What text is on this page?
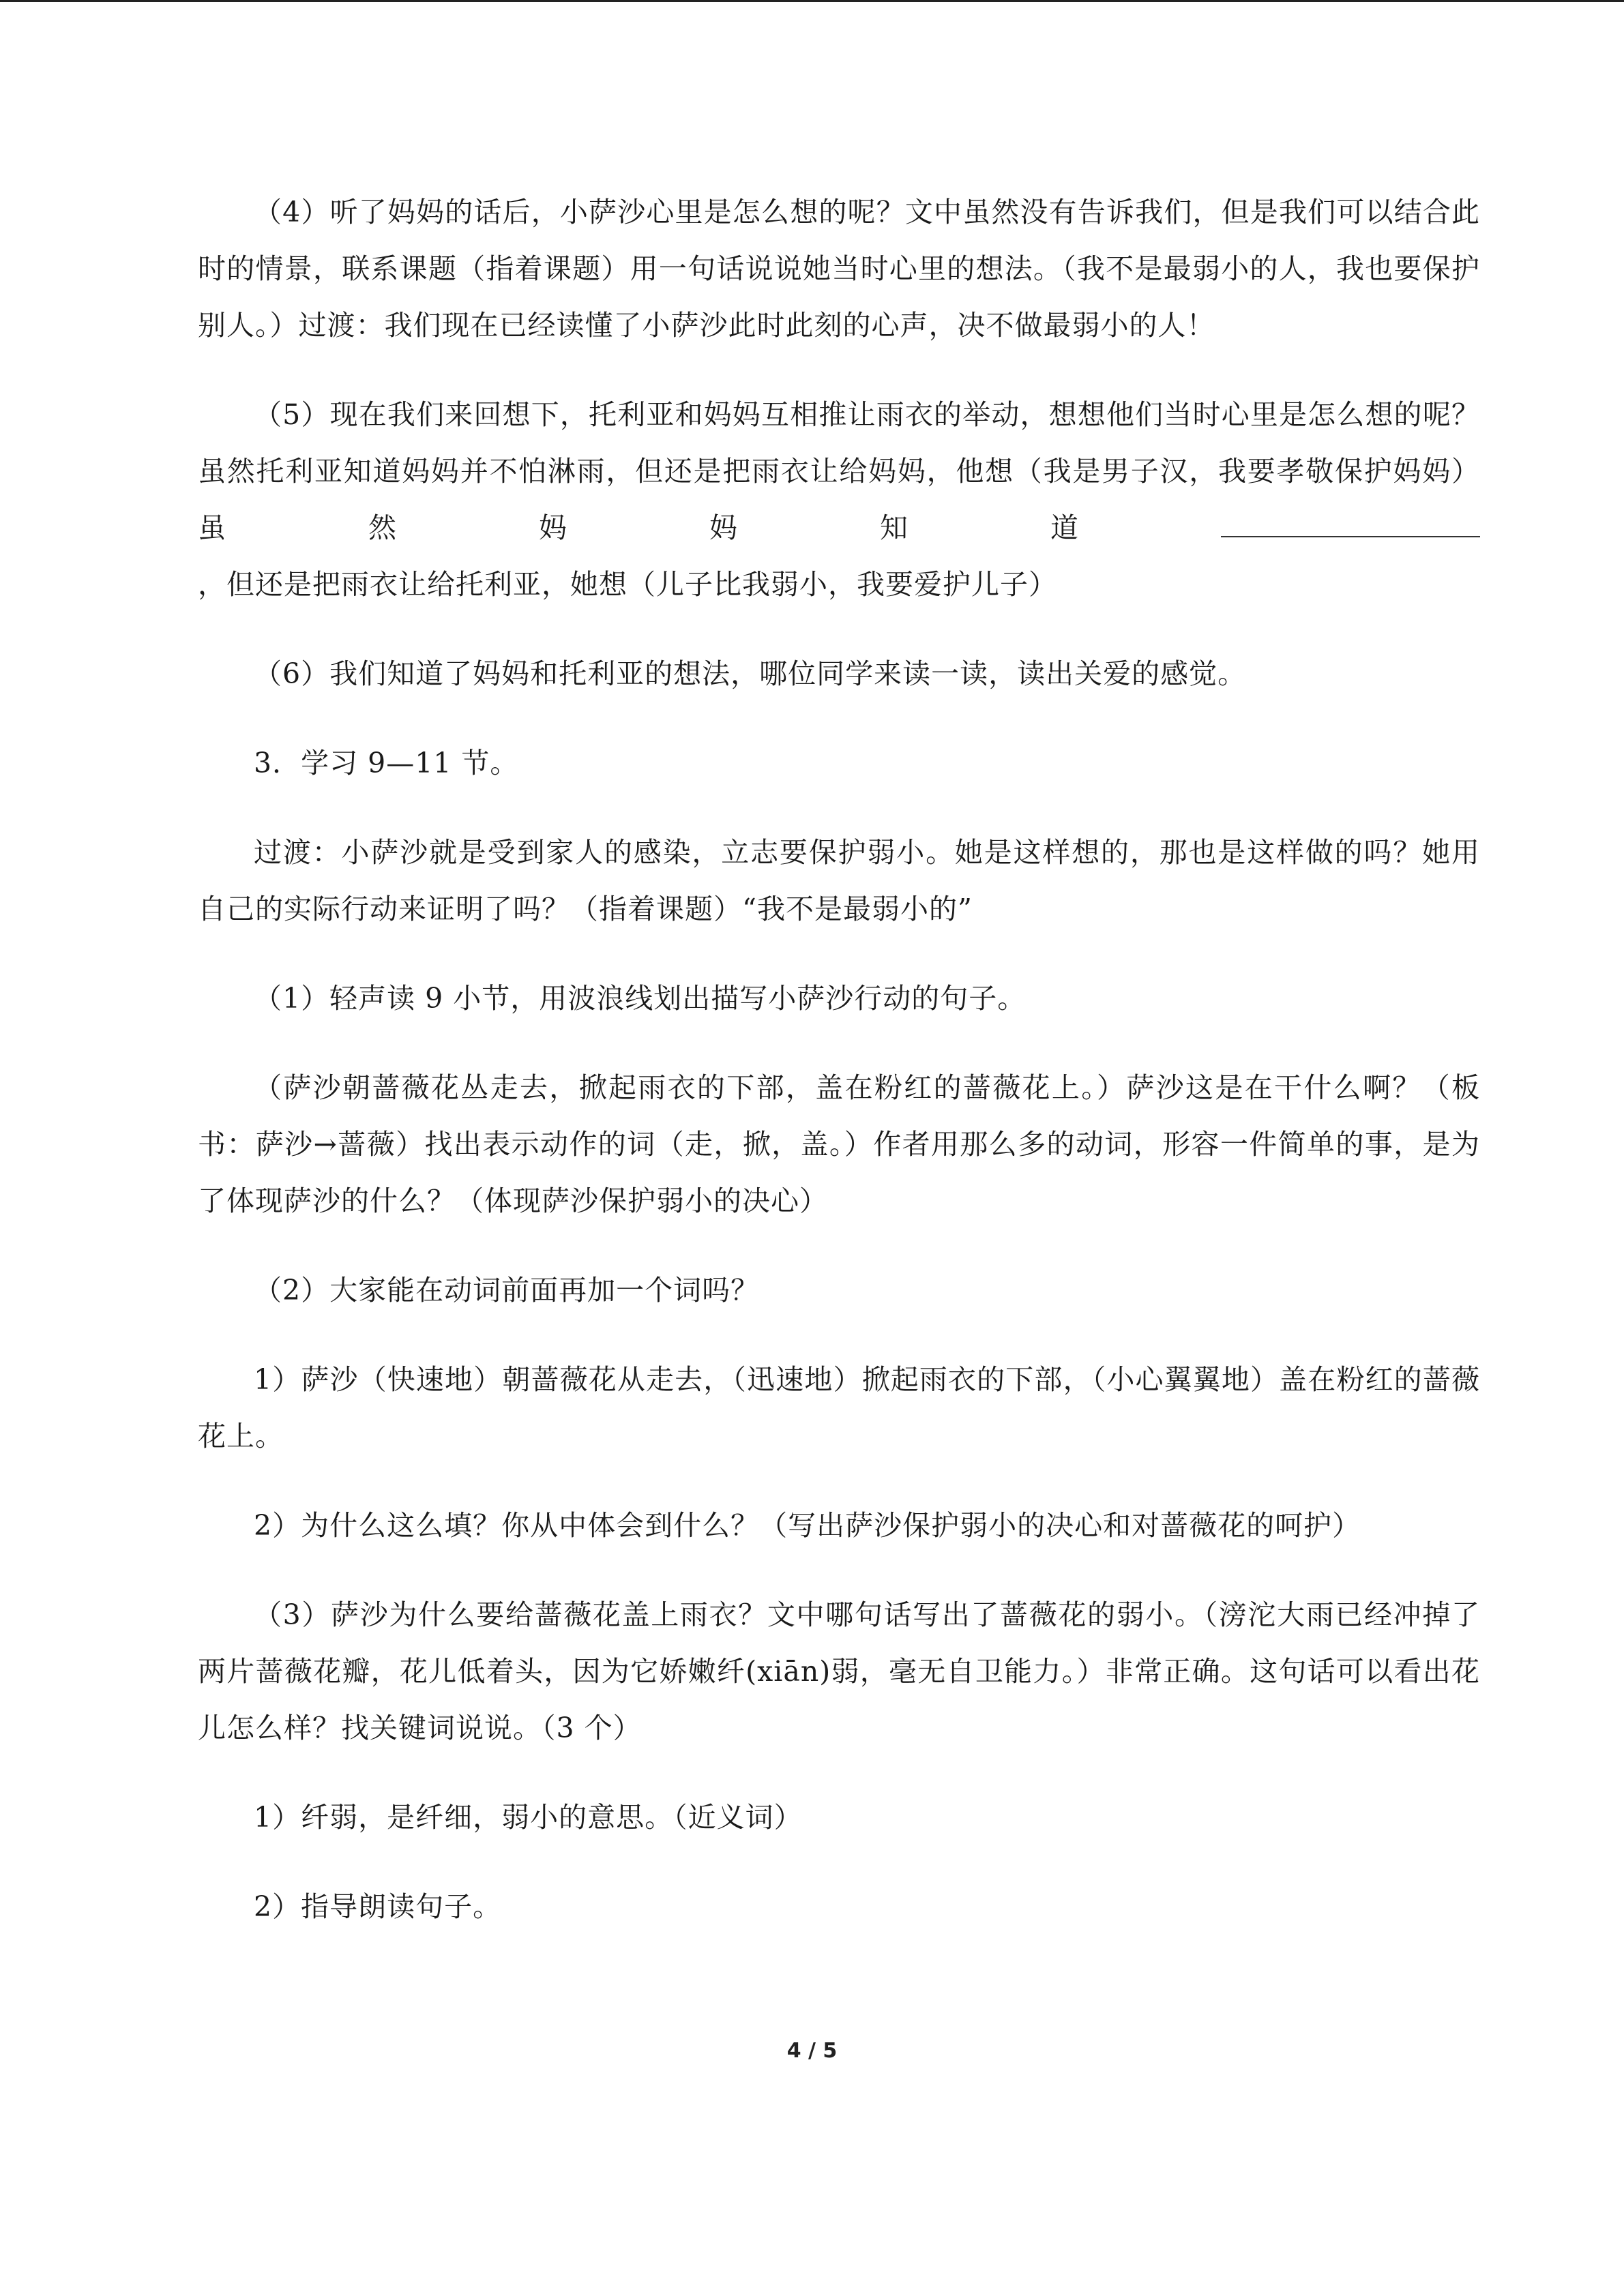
（4）听了妈妈的话后，小萨沙心里是怎么想的呢？文中虽然没有告诉我们，但是我们可以结合此时的情景，联系课题（指着课题）用一句话说说她当时心里的想法。（我不是最弱小的人，我也要保护别人。）过渡：我们现在已经读懂了小萨沙此时此刻的心声，决不做最弱小的人！

（5）现在我们来回想下，托利亚和妈妈互相推让雨衣的举动，想想他们当时心里是怎么想的呢？虽然托利亚知道妈妈并不怕淋雨，但还是把雨衣让给妈妈，他想（我是男子汉，我要孝敬保护妈妈）虽然妈妈知道，但还是把雨衣让给托利亚，她想（儿子比我弱小，我要爱护儿子）

（6）我们知道了妈妈和托利亚的想法，哪位同学来读一读，读出关爱的感觉。

3．学习 9—11 节。

过渡：小萨沙就是受到家人的感染，立志要保护弱小。她是这样想的，那也是这样做的吗？她用自己的实际行动来证明了吗？（指着课题）“我不是最弱小的”

（1）轻声读 9 小节，用波浪线划出描写小萨沙行动的句子。

（萨沙朝蔷薇花丛走去，掀起雨衣的下部，盖在粉红的蔷薇花上。）萨沙这是在干什么啊？（板书：萨沙→蔷薇）找出表示动作的词（走，掀，盖。）作者用那么多的动词，形容一件简单的事，是为了体现萨沙的什么？（体现萨沙保护弱小的决心）

（2）大家能在动词前面再加一个词吗？

1）萨沙（快速地）朝蔷薇花从走去，（迅速地）掀起雨衣的下部，（小心翼翼地）盖在粉红的蔷薇花上。

2）为什么这么填？你从中体会到什么？（写出萨沙保护弱小的决心和对蔷薇花的呵护）

（3）萨沙为什么要给蔷薇花盖上雨衣？文中哪句话写出了蔷薇花的弱小。（滂沱大雨已经冲掉了两片蔷薇花瓣，花儿低着头，因为它娇嫩纤(xiān)弱，毫无自卫能力。）非常正确。这句话可以看出花儿怎么样？找关键词说说。（3 个）

1）纤弱，是纤细，弱小的意思。（近义词）

2）指导朗读句子。

4 / 5
